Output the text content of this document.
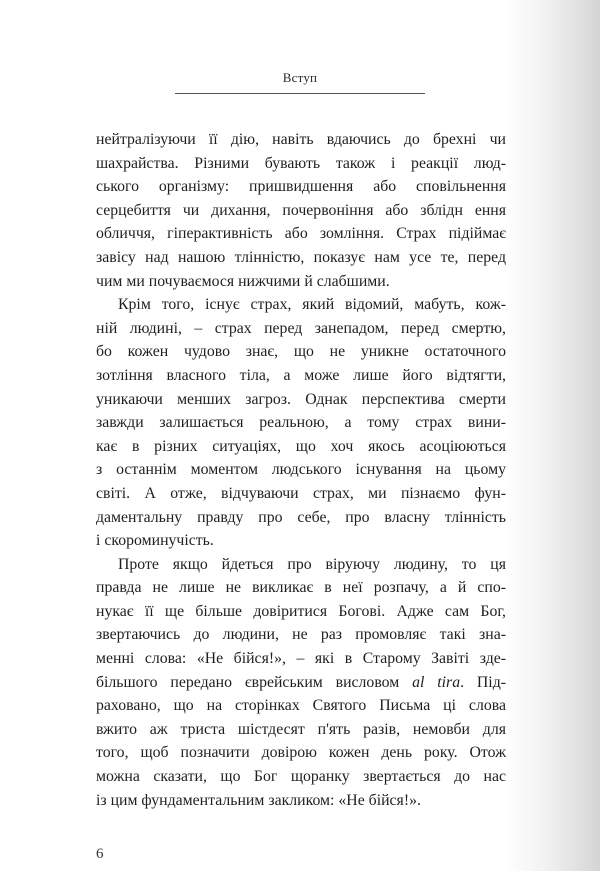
Вступ
нейтралізуючи її дію, навіть вдаючись до брехні чи
шахрайства. Різними бувають також і реакції люд-
ського організму: пришвидшення або сповільнення
серцебиття чи дихання, почервоніння або зблідн ення
обличчя, гіперактивність або зомління. Страх підіймає
завісу над нашою тлінністю, показує нам усе те, перед
чим ми почуваємося нижчими й слабшими.
Крім того, існує страх, який відомий, мабуть, кож-
ній людині, – страх перед занепадом, перед смертю,
бо кожен чудово знає, що не уникне остаточного
зотління власного тіла, а може лише його відтягти,
уникаючи менших загроз. Однак перспектива смерти
завжди залишається реальною, а тому страх вини-
кає в різних ситуаціях, що хоч якось асоціюються
з останнім моментом людського існування на цьому
світі. А отже, відчуваючи страх, ми пізнаємо фун-
даментальну правду про себе, про власну тлінність
і скороминучість.
Проте якщо йдеться про віруючу людину, то ця
правда не лише не викликає в неї розпачу, а й спо-
нукає її ще більше довіритися Богові. Адже сам Бог,
звертаючись до людини, не раз промовляє такі зна-
менні слова: «Не бійся!», – які в Старому Завіті зде-
більшого передано єврейським висловом al tira. Під-
раховано, що на сторінках Святого Письма ці слова
вжито аж триста шістдесят п'ять разів, немовби для
того, щоб позначити довірою кожен день року. Отож
можна сказати, що Бог щоранку звертається до нас
із цим фундаментальним закликом: «Не бійся!».
6
